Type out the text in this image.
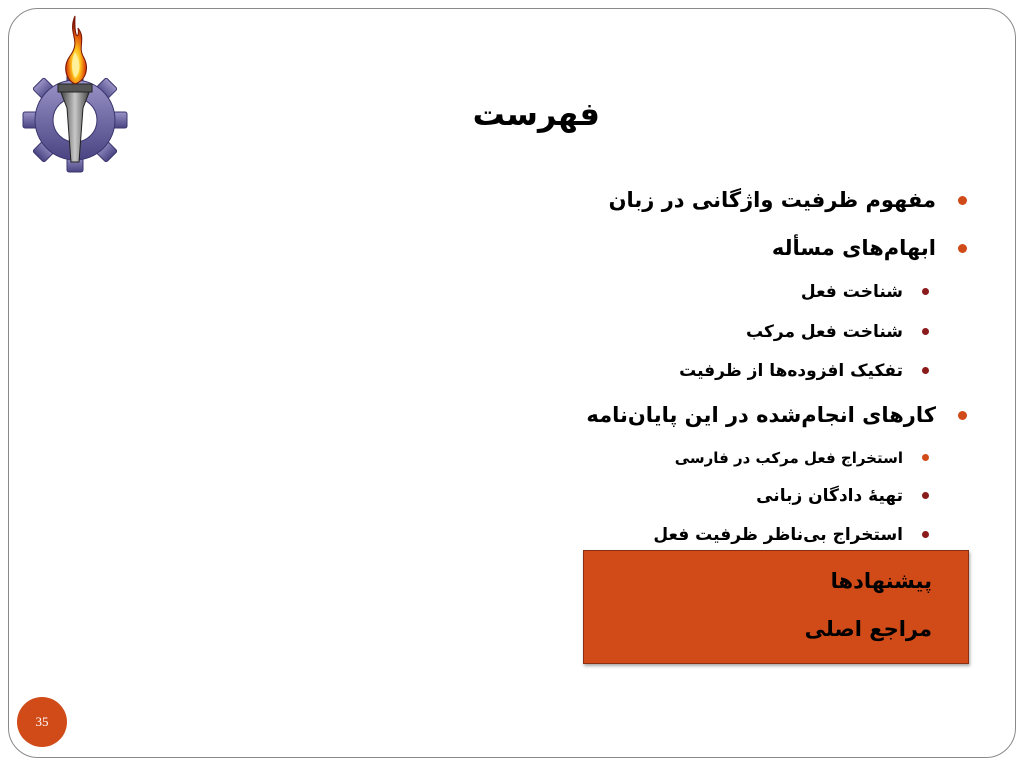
فهرست
مفهوم ظرفیت واژگانی در زبان
ابهام‌های مسأله
شناخت فعل
شناخت فعل مرکب
تفکیک افزوده‌ها از ظرفیت
کارهای انجام‌شده در این پایان‌نامه
استخراج فعل مرکب در فارسی
تهیهٔ دادگان زبانی
استخراج بی‌ناظر ظرفیت فعل
پیشنهادها
مراجع اصلی
35
